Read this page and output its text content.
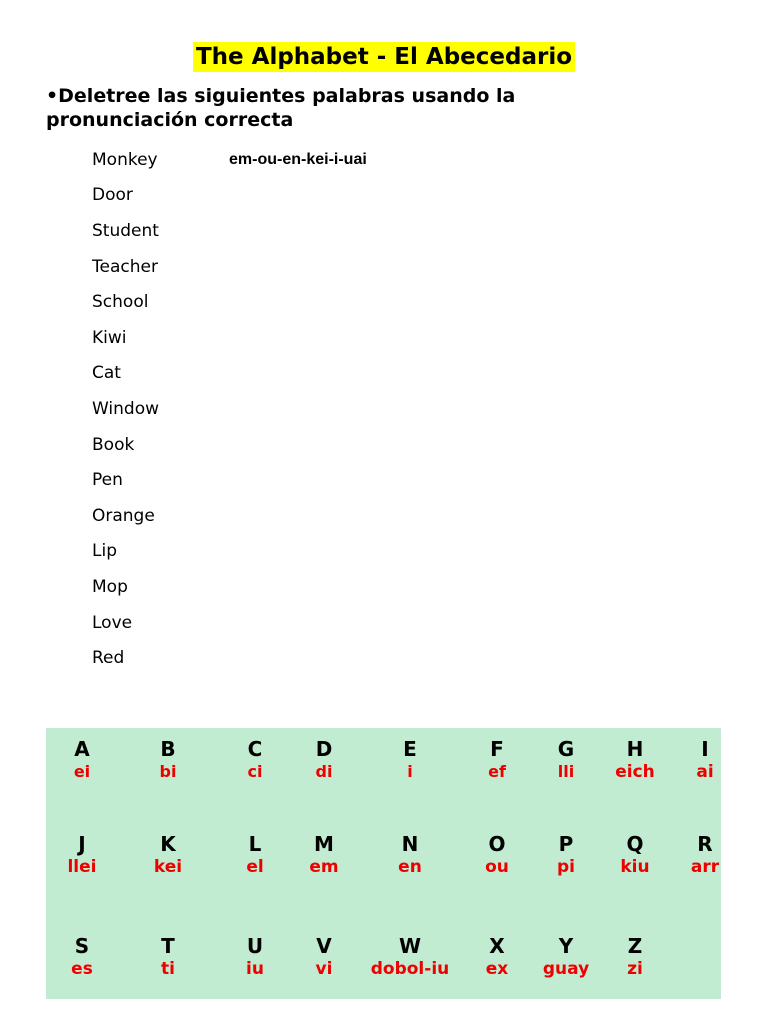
The Alphabet - El Abecedario
•Deletree las siguientes palabras usando la pronunciación correcta
Monkey	em-ou-en-kei-i-uai
Door
Student
Teacher
School
Kiwi
Cat
Window
Book
Pen
Orange
Lip
Mop
Love
Red
A
ei
B
bi
C
ci
D
di
E
i
F
ef
G
lli
H
eich
I
ai
J
llei
K
kei
L
el
M
em
N
en
O
ou
P
pi
Q
kiu
R
arr
S
es
T
ti
U
iu
V
vi
W
dobol-iu
X
ex
Y
guay
Z
zi
